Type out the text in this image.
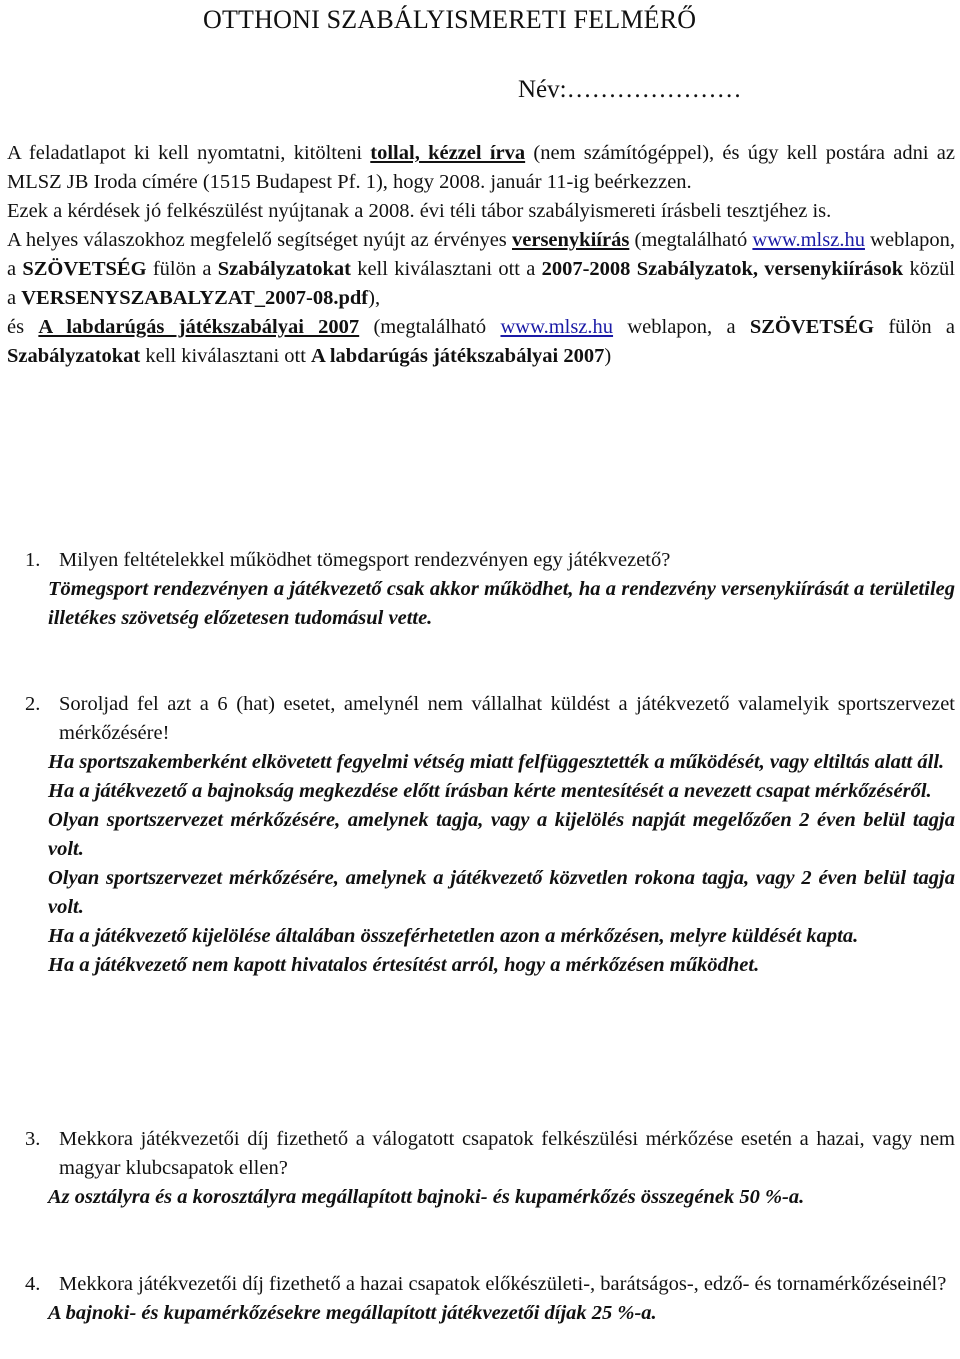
OTTHONI SZABÁLYISMERETI FELMÉRŐ
Név:…………………

A feladatlapot ki kell nyomtatni, kitölteni tollal, kézzel írva (nem számítógéppel), és úgy kell postára adni az MLSZ JB Iroda címére (1515 Budapest Pf. 1), hogy 2008. január 11-ig beérkezzen.

Ezek a kérdések jó felkészülést nyújtanak a 2008. évi téli tábor szabályismereti írásbeli tesztjéhez is.

A helyes válaszokhoz megfelelő segítséget nyújt az érvényes versenykiírás (megtalálható www.mlsz.hu weblapon, a SZÖVETSÉG fülön a Szabályzatokat kell kiválasztani ott a 2007-2008 Szabályzatok, versenykiírások közül a VERSENYSZABALYZAT_2007-08.pdf),

és A labdarúgás játékszabályai 2007 (megtalálható www.mlsz.hu weblapon, a SZÖVETSÉG fülön a Szabályzatokat kell kiválasztani ott A labdarúgás játékszabályai 2007)

1. Milyen feltételekkel működhet tömegsport rendezvényen egy játékvezető?

Tömegsport rendezvényen a játékvezető csak akkor működhet, ha a rendezvény versenykiírását a területileg illetékes szövetség előzetesen tudomásul vette.

2. Soroljad fel azt a 6 (hat) esetet, amelynél nem vállalhat küldést a játékvezető valamelyik sportszervezet mérkőzésére!

Ha sportszakemberként elkövetett fegyelmi vétség miatt felfüggesztették a működését, vagy eltiltás alatt áll.

Ha a játékvezető a bajnokság megkezdése előtt írásban kérte mentesítését a nevezett csapat mérkőzéséről.

Olyan sportszervezet mérkőzésére, amelynek tagja, vagy a kijelölés napját megelőzően 2 éven belül tagja volt.

Olyan sportszervezet mérkőzésére, amelynek a játékvezető közvetlen rokona tagja, vagy 2 éven belül tagja volt.

Ha a játékvezető kijelölése általában összeférhetetlen azon a mérkőzésen, melyre küldését kapta.

Ha a játékvezető nem kapott hivatalos értesítést arról, hogy a mérkőzésen működhet.

3. Mekkora játékvezetői díj fizethető a válogatott csapatok felkészülési mérkőzése esetén a hazai, vagy nem magyar klubcsapatok ellen?

Az osztályra és a korosztályra megállapított bajnoki- és kupamérkőzés összegének 50 %-a.

4. Mekkora játékvezetői díj fizethető a hazai csapatok előkészületi-, barátságos-, edző- és tornamérkőzéseinél?

A bajnoki- és kupamérkőzésekre megállapított játékvezetői díjak 25 %-a.
